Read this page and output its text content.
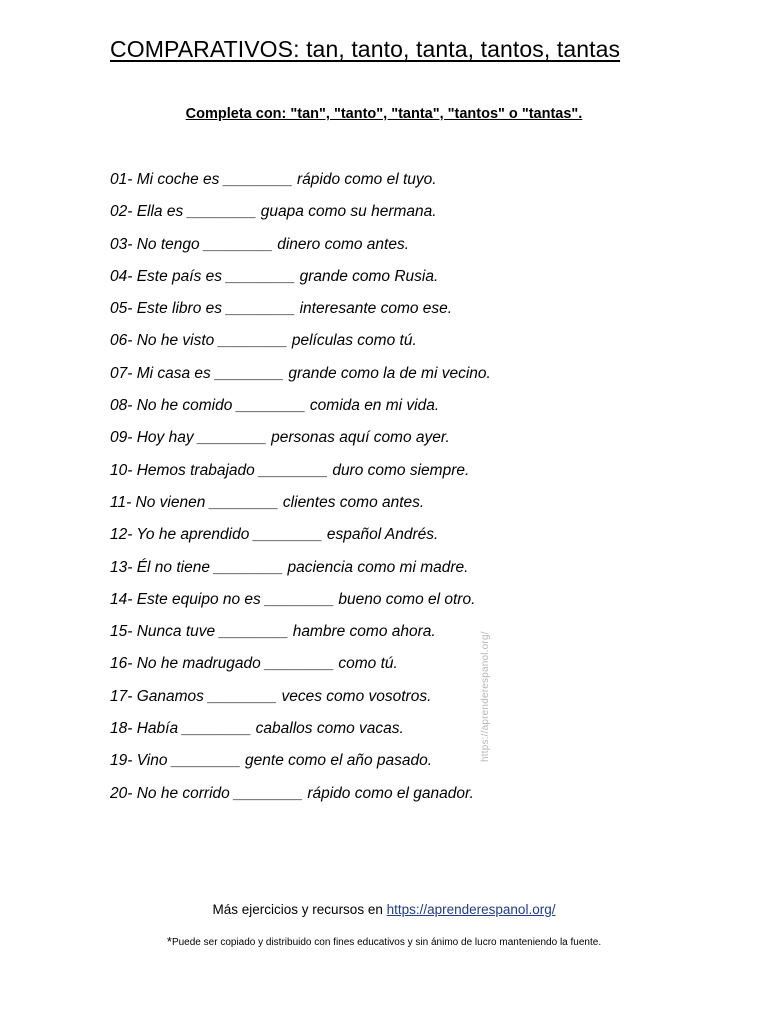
COMPARATIVOS: tan, tanto, tanta, tantos, tantas
Completa con: "tan", "tanto", "tanta", "tantos" o "tantas".
01- Mi coche es ________ rápido como el tuyo.
02- Ella es ________ guapa como su hermana.
03- No tengo ________ dinero como antes.
04- Este país es ________ grande como Rusia.
05- Este libro es ________ interesante como ese.
06- No he visto ________ películas como tú.
07- Mi casa es ________ grande como la de mi vecino.
08- No he comido ________ comida en mi vida.
09- Hoy hay ________ personas aquí como ayer.
10- Hemos trabajado ________ duro como siempre.
11- No vienen ________ clientes como antes.
12- Yo he aprendido ________ español Andrés.
13- Él no tiene ________ paciencia como mi madre.
14- Este equipo no es ________ bueno como el otro.
15- Nunca tuve ________ hambre como ahora.
16- No he madrugado ________ como tú.
17- Ganamos ________ veces como vosotros.
18- Había ________ caballos como vacas.
19- Vino ________ gente como el año pasado.
20- No he corrido ________ rápido como el ganador.
https://aprenderespanol.org/
Más ejercicios y recursos en https://aprenderespanol.org/
*Puede ser copiado y distribuido con fines educativos y sin ánimo de lucro manteniendo la fuente.
